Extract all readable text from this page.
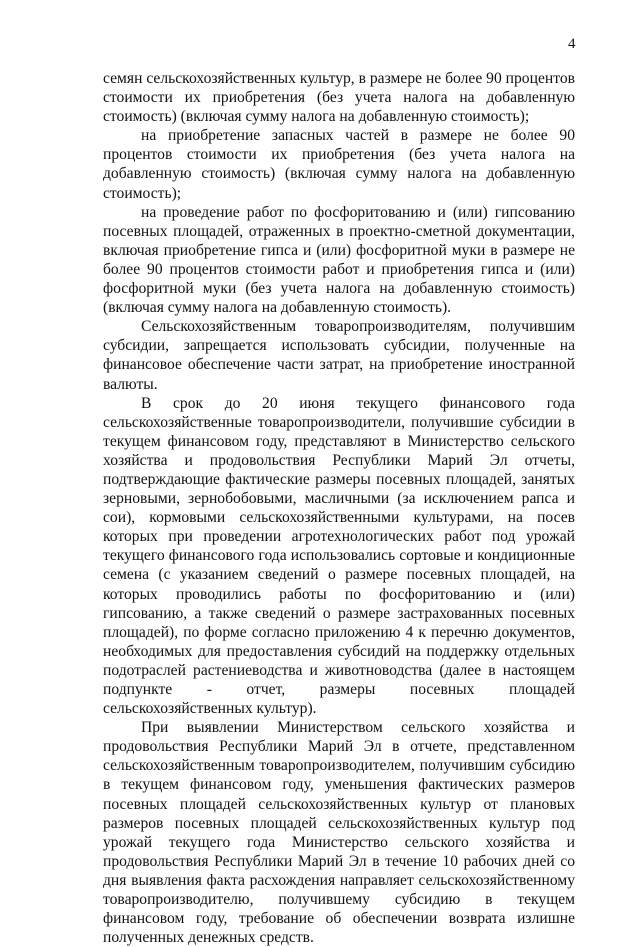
4

семян сельскохозяйственных культур, в размере не более 90 процентов стоимости их приобретения (без учета налога на добавленную стоимость) (включая сумму налога на добавленную стоимость);

на приобретение запасных частей в размере не более 90 процентов стоимости их приобретения (без учета налога на добавленную стоимость) (включая сумму налога на добавленную стоимость);

на проведение работ по фосфоритованию и (или) гипсованию посевных площадей, отраженных в проектно-сметной документации, включая приобретение гипса и (или) фосфоритной муки в размере не более 90 процентов стоимости работ и приобретения гипса и (или) фосфоритной муки (без учета налога на добавленную стоимость) (включая сумму налога на добавленную стоимость).

Сельскохозяйственным товаропроизводителям, получившим субсидии, запрещается использовать субсидии, полученные на финансовое обеспечение части затрат, на приобретение иностранной валюты.

В срок до 20 июня текущего финансового года сельскохозяйственные товаропроизводители, получившие субсидии в текущем финансовом году, представляют в Министерство сельского хозяйства и продовольствия Республики Марий Эл отчеты, подтверждающие фактические размеры посевных площадей, занятых зерновыми, зернобобовыми, масличными (за исключением рапса и сои), кормовыми сельскохозяйственными культурами, на посев которых при проведении агротехнологических работ под урожай текущего финансового года использовались сортовые и кондиционные семена (с указанием сведений о размере посевных площадей, на которых проводились работы по фосфоритованию и (или) гипсованию, а также сведений о размере застрахованных посевных площадей), по форме согласно приложению 4 к перечню документов, необходимых для предоставления субсидий на поддержку отдельных подотраслей растениеводства и животноводства (далее в настоящем подпункте - отчет, размеры посевных площадей сельскохозяйственных культур).

При выявлении Министерством сельского хозяйства и продовольствия Республики Марий Эл в отчете, представленном сельскохозяйственным товаропроизводителем, получившим субсидию в текущем финансовом году, уменьшения фактических размеров посевных площадей сельскохозяйственных культур от плановых размеров посевных площадей сельскохозяйственных культур под урожай текущего года Министерство сельского хозяйства и продовольствия Республики Марий Эл в течение 10 рабочих дней со дня выявления факта расхождения направляет сельскохозяйственному товаропроизводителю, получившему субсидию в текущем финансовом году, требование об обеспечении возврата излишне полученных денежных средств.
